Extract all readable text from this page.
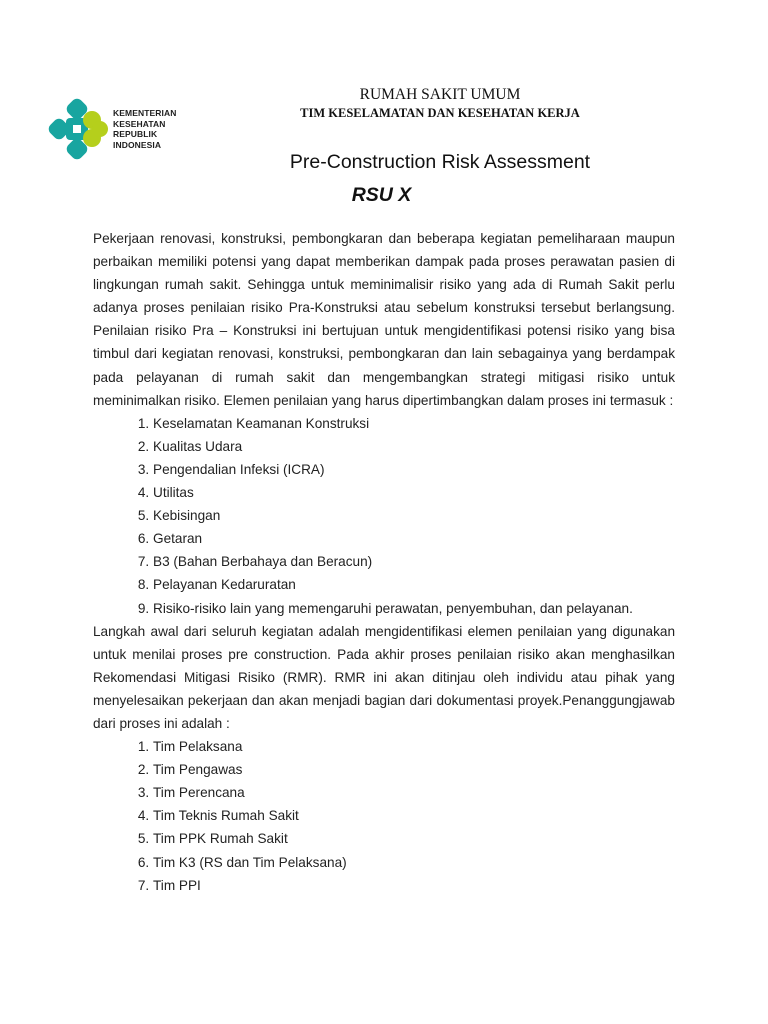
KEMENTERIAN
KESEHATAN
REPUBLIK
INDONESIA
RUMAH SAKIT UMUM
TIM KESELAMATAN DAN KESEHATAN KERJA
Pre-Construction Risk Assessment
RSU X

Pekerjaan renovasi, konstruksi, pembongkaran dan beberapa kegiatan pemeliharaan maupun perbaikan memiliki potensi yang dapat memberikan dampak pada proses perawatan pasien di lingkungan rumah sakit. Sehingga untuk meminimalisir risiko yang ada di Rumah Sakit perlu adanya proses penilaian risiko Pra-Konstruksi atau sebelum konstruksi tersebut berlangsung. Penilaian risiko Pra – Konstruksi ini bertujuan untuk mengidentifikasi potensi risiko yang bisa timbul dari kegiatan renovasi, konstruksi, pembongkaran dan lain sebagainya yang berdampak pada pelayanan di rumah sakit dan mengembangkan strategi mitigasi risiko untuk meminimalkan risiko. Elemen penilaian yang harus dipertimbangkan dalam proses ini termasuk :

1. Keselamatan Keamanan Konstruksi
2. Kualitas Udara
3. Pengendalian Infeksi (ICRA)
4. Utilitas
5. Kebisingan
6. Getaran
7. B3 (Bahan Berbahaya dan Beracun)
8. Pelayanan Kedaruratan
9. Risiko-risiko lain yang memengaruhi perawatan, penyembuhan, dan pelayanan.

Langkah awal dari seluruh kegiatan adalah mengidentifikasi elemen penilaian yang digunakan untuk menilai proses pre construction. Pada akhir proses penilaian risiko akan menghasilkan Rekomendasi Mitigasi Risiko (RMR). RMR ini akan ditinjau oleh individu atau pihak yang menyelesaikan pekerjaan dan akan menjadi bagian dari dokumentasi proyek.Penanggungjawab dari proses ini adalah :

1. Tim Pelaksana
2. Tim Pengawas
3. Tim Perencana
4. Tim Teknis Rumah Sakit
5. Tim PPK Rumah Sakit
6. Tim K3 (RS dan Tim Pelaksana)
7. Tim PPI
